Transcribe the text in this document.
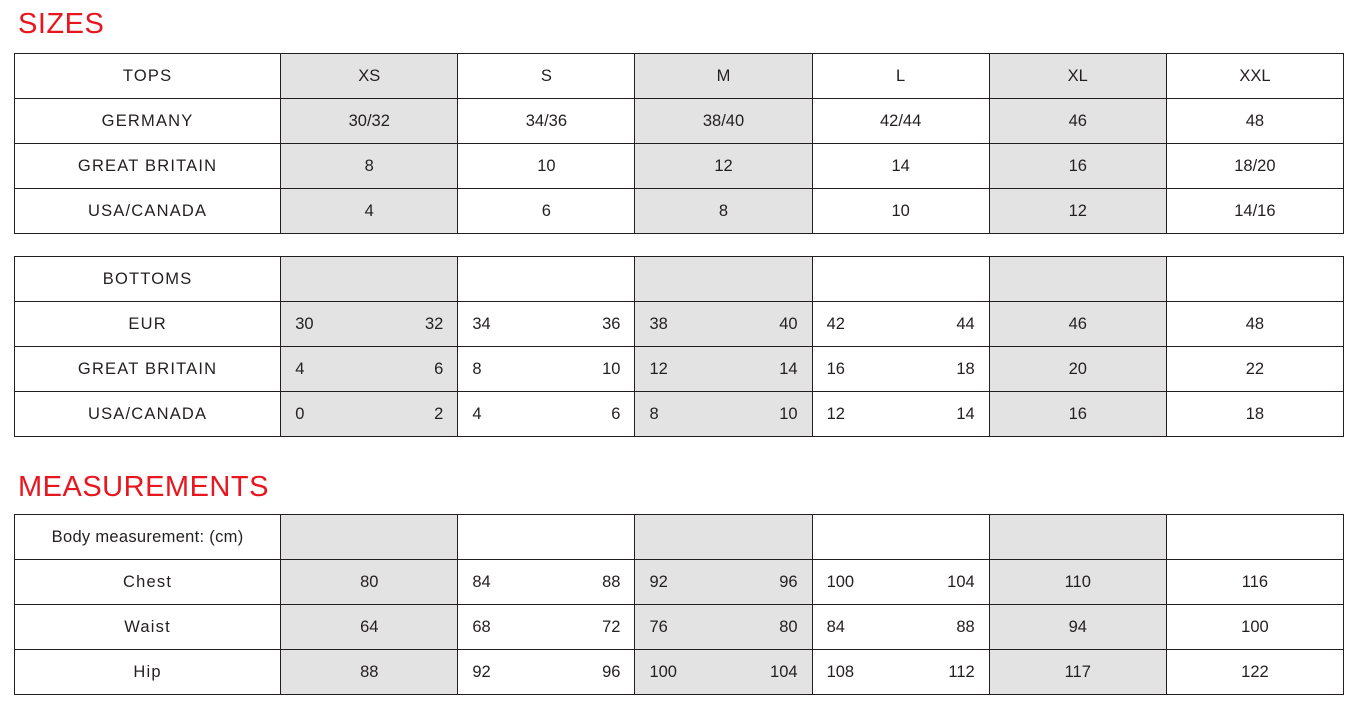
SIZES
TOPS	XS	S	M	L	XL	XXL
GERMANY	30/32	34/36	38/40	42/44	46	48
GREAT BRITAIN	8	10	12	14	16	18/20
USA/CANADA	4	6	8	10	12	14/16
BOTTOMS						
EUR	30 32	34 36	38 40	42 44	46	48
GREAT BRITAIN	4 6	8 10	12 14	16 18	20	22
USA/CANADA	0 2	4 6	8 10	12 14	16	18
MEASUREMENTS
Body measurement: (cm)						
Chest	80	84 88	92 96	100 104	110	116
Waist	64	68 72	76 80	84 88	94	100
Hip	88	92 96	100 104	108 112	117	122
